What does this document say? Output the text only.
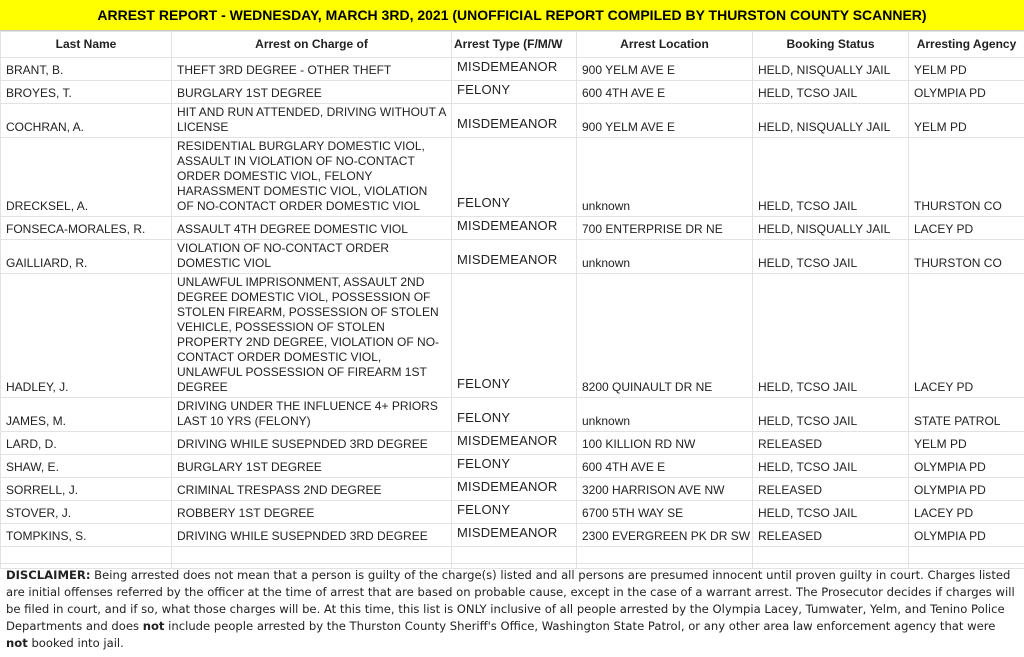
ARREST REPORT - WEDNESDAY, MARCH 3RD, 2021 (UNOFFICIAL REPORT COMPILED BY THURSTON COUNTY SCANNER)
Last Name	Arrest on Charge of	Arrest Type (F/M/W	Arrest Location	Booking Status	Arresting Agency
BRANT, B.	THEFT 3RD DEGREE - OTHER THEFT	MISDEMEANOR	900 YELM AVE E	HELD, NISQUALLY JAIL	YELM PD
BROYES, T.	BURGLARY 1ST DEGREE	FELONY	600 4TH AVE E	HELD, TCSO JAIL	OLYMPIA PD
COCHRAN, A.	HIT AND RUN ATTENDED, DRIVING WITHOUT A LICENSE	MISDEMEANOR	900 YELM AVE E	HELD, NISQUALLY JAIL	YELM PD
DRECKSEL, A.	RESIDENTIAL BURGLARY DOMESTIC VIOL, ASSAULT IN VIOLATION OF NO-CONTACT ORDER DOMESTIC VIOL, FELONY HARASSMENT DOMESTIC VIOL, VIOLATION OF NO-CONTACT ORDER DOMESTIC VIOL	FELONY	unknown	HELD, TCSO JAIL	THURSTON CO
FONSECA-MORALES, R.	ASSAULT 4TH DEGREE DOMESTIC VIOL	MISDEMEANOR	700 ENTERPRISE DR NE	HELD, NISQUALLY JAIL	LACEY PD
GAILLIARD, R.	VIOLATION OF NO-CONTACT ORDER DOMESTIC VIOL	MISDEMEANOR	unknown	HELD, TCSO JAIL	THURSTON CO
HADLEY, J.	UNLAWFUL IMPRISONMENT, ASSAULT 2ND DEGREE DOMESTIC VIOL, POSSESSION OF STOLEN FIREARM, POSSESSION OF STOLEN VEHICLE, POSSESSION OF STOLEN PROPERTY 2ND DEGREE, VIOLATION OF NO-CONTACT ORDER DOMESTIC VIOL, UNLAWFUL POSSESSION OF FIREARM 1ST DEGREE	FELONY	8200 QUINAULT DR NE	HELD, TCSO JAIL	LACEY PD
JAMES, M.	DRIVING UNDER THE INFLUENCE 4+ PRIORS LAST 10 YRS (FELONY)	FELONY	unknown	HELD, TCSO JAIL	STATE PATROL
LARD, D.	DRIVING WHILE SUSEPNDED 3RD DEGREE	MISDEMEANOR	100 KILLION RD NW	RELEASED	YELM PD
SHAW, E.	BURGLARY 1ST DEGREE	FELONY	600 4TH AVE E	HELD, TCSO JAIL	OLYMPIA PD
SORRELL, J.	CRIMINAL TRESPASS 2ND DEGREE	MISDEMEANOR	3200 HARRISON AVE NW	RELEASED	OLYMPIA PD
STOVER, J.	ROBBERY 1ST DEGREE	FELONY	6700 5TH WAY SE	HELD, TCSO JAIL	LACEY PD
TOMPKINS, S.	DRIVING WHILE SUSEPNDED 3RD DEGREE	MISDEMEANOR	2300 EVERGREEN PK DR SW	RELEASED	OLYMPIA PD

DISCLAIMER: Being arrested does not mean that a person is guilty of the charge(s) listed and all persons are presumed innocent until proven guilty in court. Charges listed are initial offenses referred by the officer at the time of arrest that are based on probable cause, except in the case of a warrant arrest. The Prosecutor decides if charges will be filed in court, and if so, what those charges will be. At this time, this list is ONLY inclusive of all people arrested by the Olympia Lacey, Tumwater, Yelm, and Tenino Police Departments and does not include people arrested by the Thurston County Sheriff's Office, Washington State Patrol, or any other area law enforcement agency that were not booked into jail.
